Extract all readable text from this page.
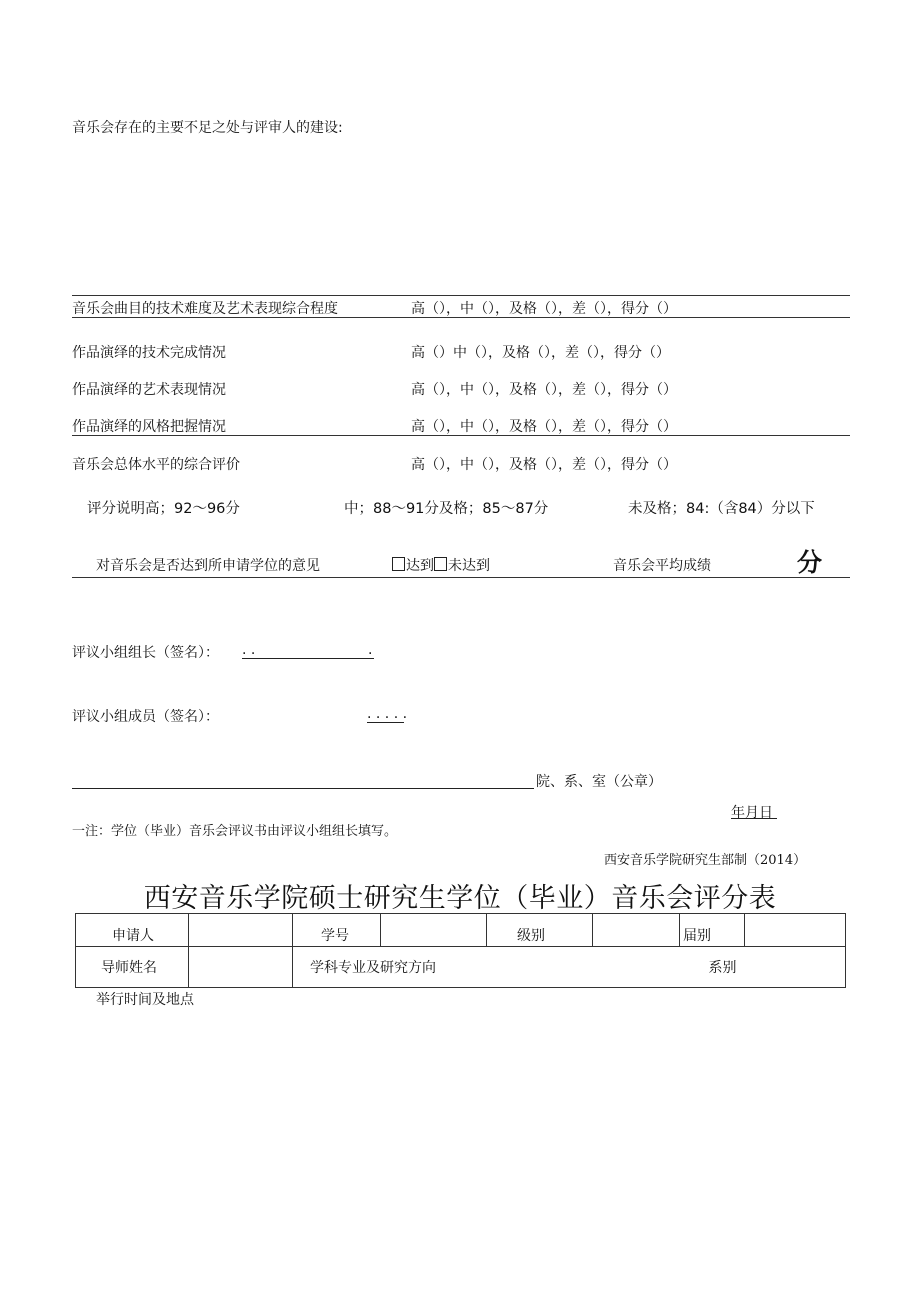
音乐会存在的主要不足之处与评审人的建设:
音乐会曲目的技术难度及艺术表现综合程度	高（），中（），及格（），差（），得分（）
作品演绎的技术完成情况	高（）中（），及格（），差（），得分（）
作品演绎的艺术表现情况	高（），中（），及格（），差（），得分（）
作品演绎的风格把握情况	高（），中（），及格（），差（），得分（）
音乐会总体水平的综合评价	高（），中（），及格（），差（），得分（）
评分说明高；92～96分	中；88～91分及格；85～87分	未及格；84:（含84）分以下
对音乐会是否达到所申请学位的意见	达到 未达到	音乐会平均成绩	分
评议小组组长（签名）： . .	.
评议小组成员（签名）：	. . . . .
院、系、室（公章）
年月日
一注：学位（毕业）音乐会评议书由评议小组组长填写。
西安音乐学院研究生部制（2014）
西安音乐学院硕士研究生学位（毕业）音乐会评分表
申请人		学号		级别		届别	
导师姓名		学科专业及研究方向			系别		
举行时间及地点
